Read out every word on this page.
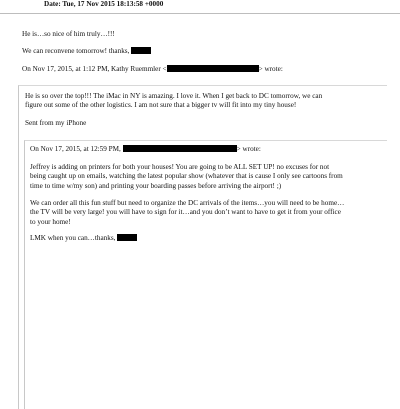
Date: Tue, 17 Nov 2015 18:13:58 +0000
He is…so nice of him truly…!!!
We can reconvene tomorrow! thanks,
On Nov 17, 2015, at 1:12 PM, Kathy Ruemmler <	> wrote:

He is so over the top!!! The iMac in NY is amazing. I love it. When I get back to DC tomorrow, we can

figure out some of the other logistics. I am not sure that a bigger tv will fit into my tiny house!

Sent from my iPhone
On Nov 17, 2015, at 12:59 PM,	> wrote:

Jeffrey is adding on printers for both your houses! You are going to be ALL SET UP! no excuses for not

being caught up on emails, watching the latest popular show (whatever that is cause I only see cartoons from

time to time w/my son) and printing your boarding passes before arriving the airport! ;)

We can order all this fun stuff but need to organize the DC arrivals of the items…you will need to be home…

the TV will be very large! you will have to sign for it…and you don’t want to have to get it from your office

to your home!

LMK when you can…thanks,
